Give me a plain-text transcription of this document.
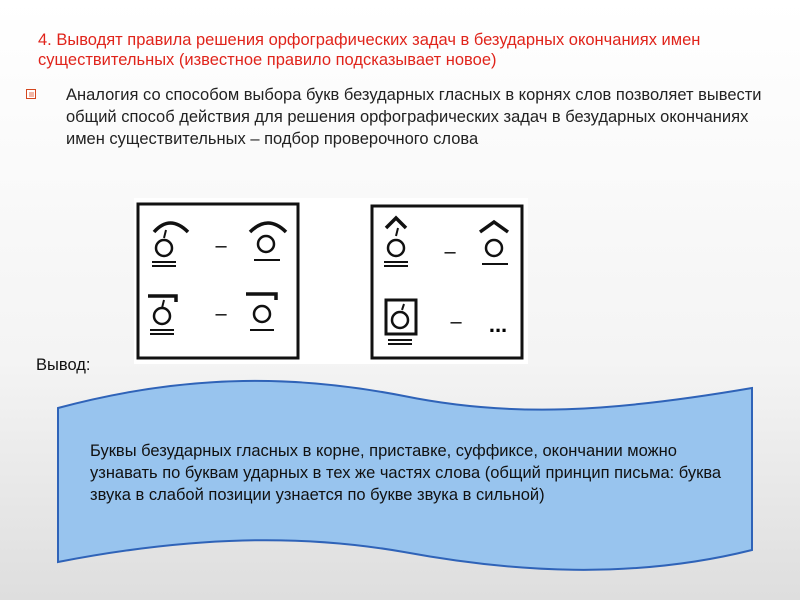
4. Выводят правила решения орфографических задач в безударных окончаниях имен существительных (известное правило подсказывает новое)
Аналогия со способом выбора букв безударных гласных в корнях слов позволяет вывести общий способ действия для решения орфографических задач в безударных окончаниях имен существительных – подбор проверочного слова
–
–
–
– ...
Вывод:
Буквы безударных гласных в корне, приставке, суффиксе, окончании можно узнавать по буквам ударных в тех же частях слова (общий принцип письма: буква звука в слабой позиции узнается по букве звука в сильной)
